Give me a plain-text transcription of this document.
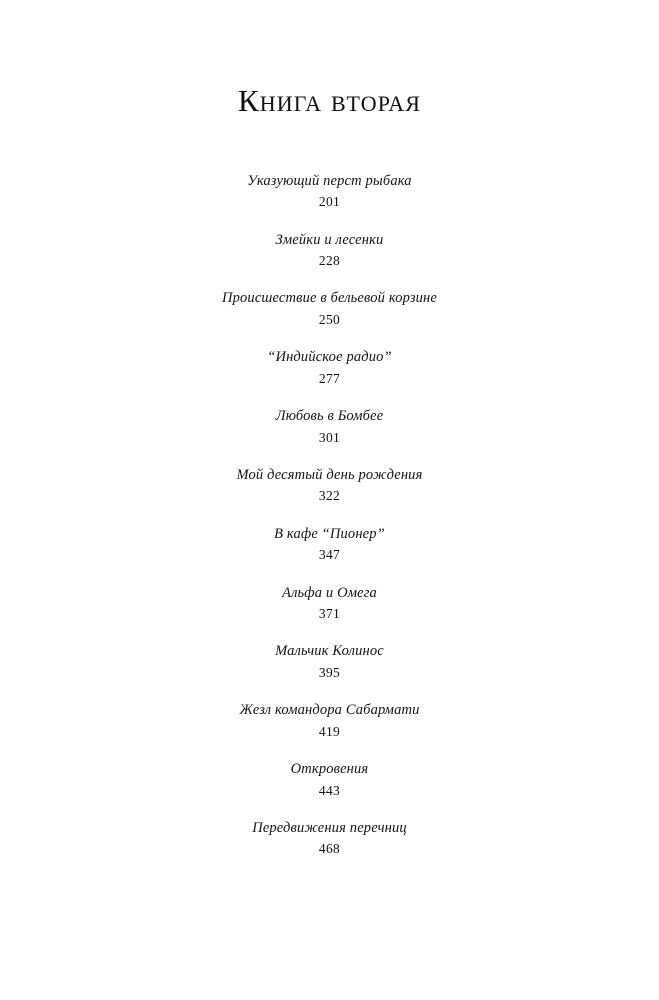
Книга вторая
Указующий перст рыбака
201
Змейки и лесенки
228
Происшествие в бельевой корзине
250
“Индийское радио”
277
Любовь в Бомбее
301
Мой десятый день рождения
322
В кафе “Пионер”
347
Альфа и Омега
371
Мальчик Колинос
395
Жезл командора Сабармати
419
Откровения
443
Передвижения перечниц
468
